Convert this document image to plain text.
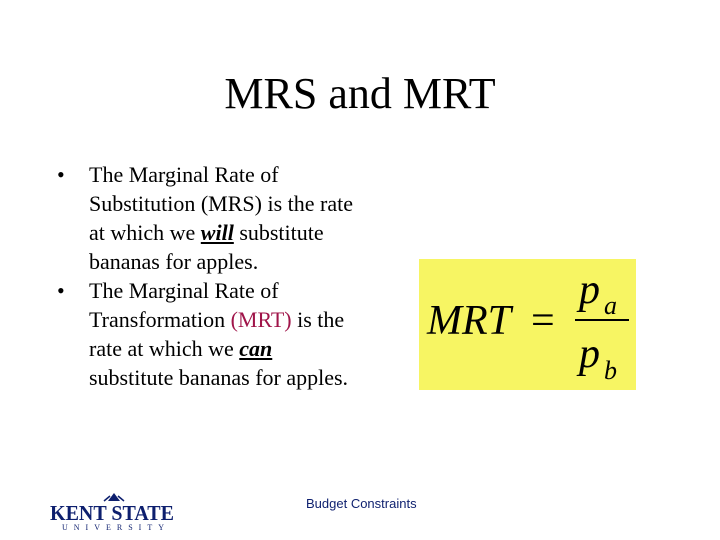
MRS and MRT
•	The Marginal Rate of Substitution (MRS) is the rate at which we will substitute bananas for apples.
•	The Marginal Rate of Transformation (MRT) is the rate at which we can substitute bananas for apples.
MRT =
p a
p b
KENT STATE
UNIVERSITY
Budget Constraints
